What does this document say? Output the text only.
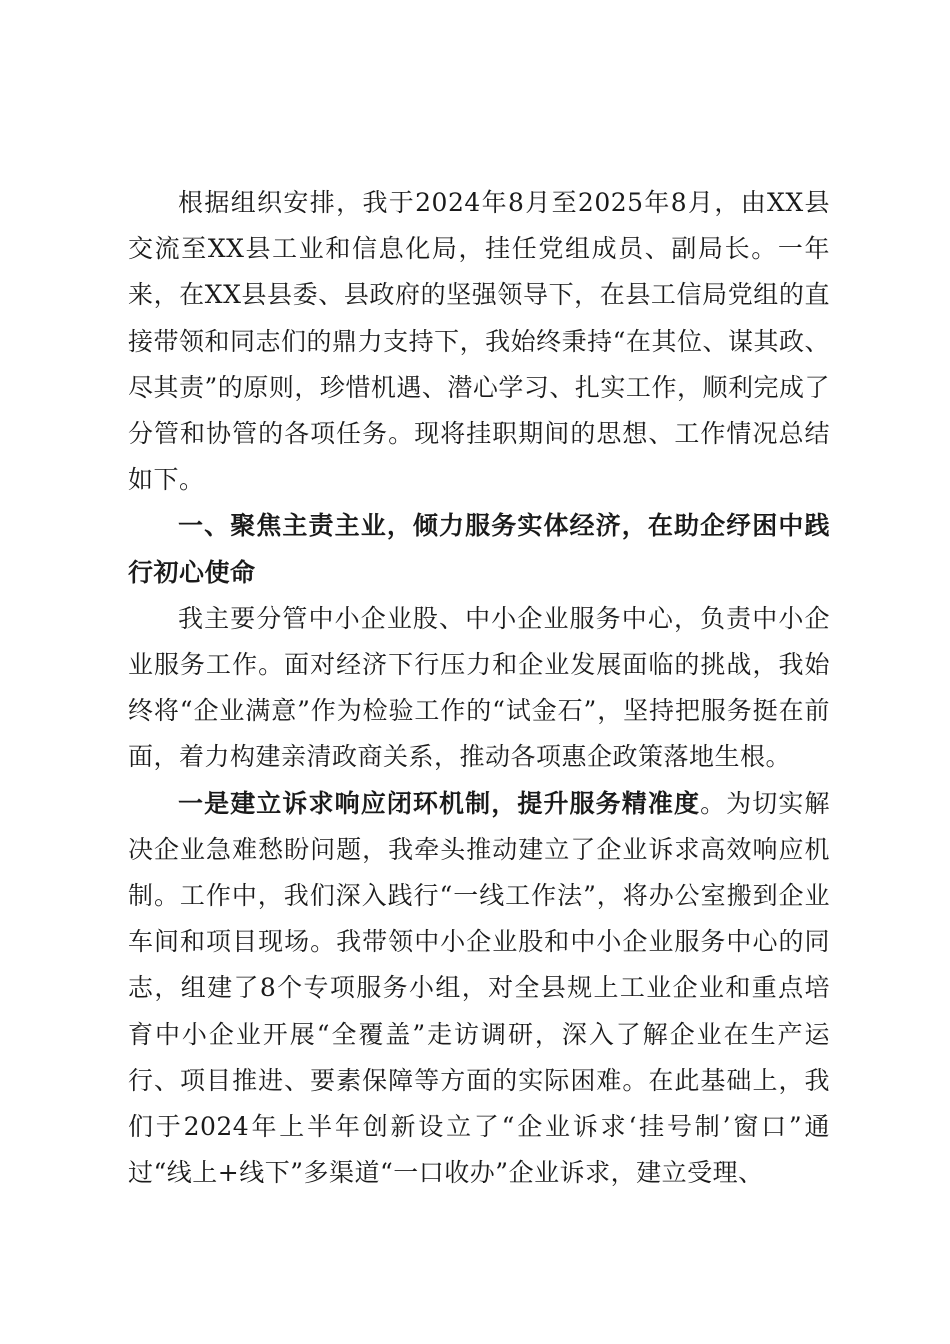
根据组织安排，我于2024年8月至2025年8月，由XX县交流至XX县工业和信息化局，挂任党组成员、副局长。一年来，在XX县县委、县政府的坚强领导下，在县工信局党组的直接带领和同志们的鼎力支持下，我始终秉持“在其位、谋其政、尽其责”的原则，珍惜机遇、潜心学习、扎实工作，顺利完成了分管和协管的各项任务。现将挂职期间的思想、工作情况总结如下。

一、聚焦主责主业，倾力服务实体经济，在助企纾困中践行初心使命

我主要分管中小企业股、中小企业服务中心，负责中小企业服务工作。面对经济下行压力和企业发展面临的挑战，我始终将“企业满意”作为检验工作的“试金石”，坚持把服务挺在前面，着力构建亲清政商关系，推动各项惠企政策落地生根。

一是建立诉求响应闭环机制，提升服务精准度。为切实解决企业急难愁盼问题，我牵头推动建立了企业诉求高效响应机制。工作中，我们深入践行“一线工作法”，将办公室搬到企业车间和项目现场。我带领中小企业股和中小企业服务中心的同志，组建了8个专项服务小组，对全县规上工业企业和重点培育中小企业开展“全覆盖”走访调研，深入了解企业在生产运行、项目推进、要素保障等方面的实际困难。在此基础上，我们于2024年上半年创新设立了“企业诉求‘挂号制’窗口”通过“线上+线下”多渠道“一口收办”企业诉求，建立受理、
